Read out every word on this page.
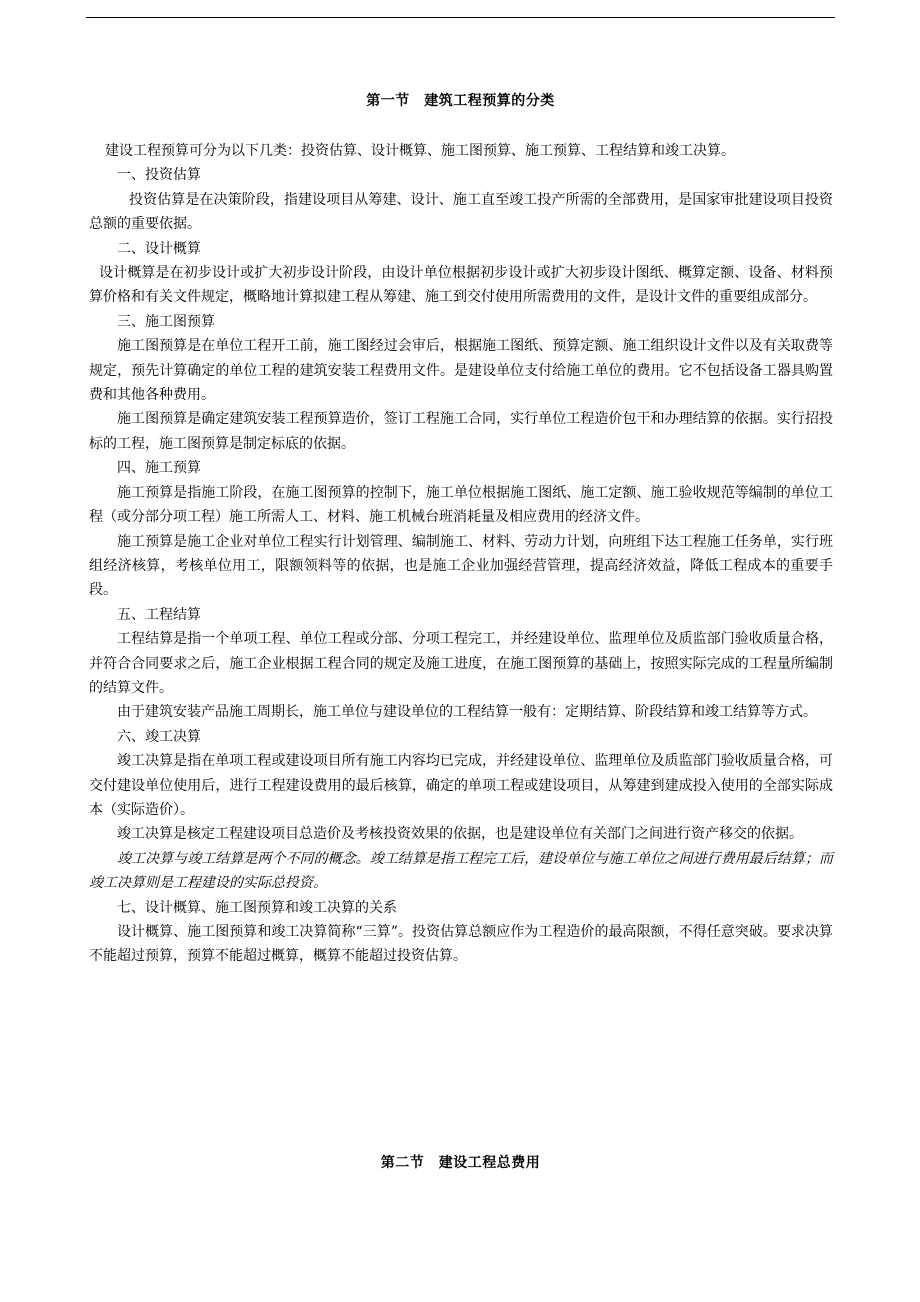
第一节　建筑工程预算的分类

建设工程预算可分为以下几类：投资估算、设计概算、施工图预算、施工预算、工程结算和竣工决算。

一、投资估算

投资估算是在决策阶段，指建设项目从筹建、设计、施工直至竣工投产所需的全部费用，是国家审批建设项目投资总额的重要依据。

二、设计概算

设计概算是在初步设计或扩大初步设计阶段，由设计单位根据初步设计或扩大初步设计图纸、概算定额、设备、材料预算价格和有关文件规定，概略地计算拟建工程从筹建、施工到交付使用所需费用的文件，是设计文件的重要组成部分。

三、施工图预算

施工图预算是在单位工程开工前，施工图经过会审后，根据施工图纸、预算定额、施工组织设计文件以及有关取费等规定，预先计算确定的单位工程的建筑安装工程费用文件。是建设单位支付给施工单位的费用。它不包括设备工器具购置费和其他各种费用。

施工图预算是确定建筑安装工程预算造价，签订工程施工合同，实行单位工程造价包干和办理结算的依据。实行招投标的工程，施工图预算是制定标底的依据。

四、施工预算

施工预算是指施工阶段，在施工图预算的控制下，施工单位根据施工图纸、施工定额、施工验收规范等编制的单位工程（或分部分项工程）施工所需人工、材料、施工机械台班消耗量及相应费用的经济文件。

施工预算是施工企业对单位工程实行计划管理、编制施工、材料、劳动力计划，向班组下达工程施工任务单，实行班组经济核算，考核单位用工，限额领料等的依据，也是施工企业加强经营管理，提高经济效益，降低工程成本的重要手段。

五、工程结算

工程结算是指一个单项工程、单位工程或分部、分项工程完工，并经建设单位、监理单位及质监部门验收质量合格，并符合合同要求之后，施工企业根据工程合同的规定及施工进度，在施工图预算的基础上，按照实际完成的工程量所编制的结算文件。

由于建筑安装产品施工周期长，施工单位与建设单位的工程结算一般有：定期结算、阶段结算和竣工结算等方式。

六、竣工决算

竣工决算是指在单项工程或建设项目所有施工内容均已完成，并经建设单位、监理单位及质监部门验收质量合格，可交付建设单位使用后，进行工程建设费用的最后核算，确定的单项工程或建设项目，从筹建到建成投入使用的全部实际成本（实际造价）。

竣工决算是核定工程建设项目总造价及考核投资效果的依据，也是建设单位有关部门之间进行资产移交的依据。

竣工决算与竣工结算是两个不同的概念。竣工结算是指工程完工后，建设单位与施工单位之间进行费用最后结算；而竣工决算则是工程建设的实际总投资。

七、设计概算、施工图预算和竣工决算的关系

设计概算、施工图预算和竣工决算简称“三算”。投资估算总额应作为工程造价的最高限额，不得任意突破。要求决算不能超过预算，预算不能超过概算，概算不能超过投资估算。

第二节　建设工程总费用
